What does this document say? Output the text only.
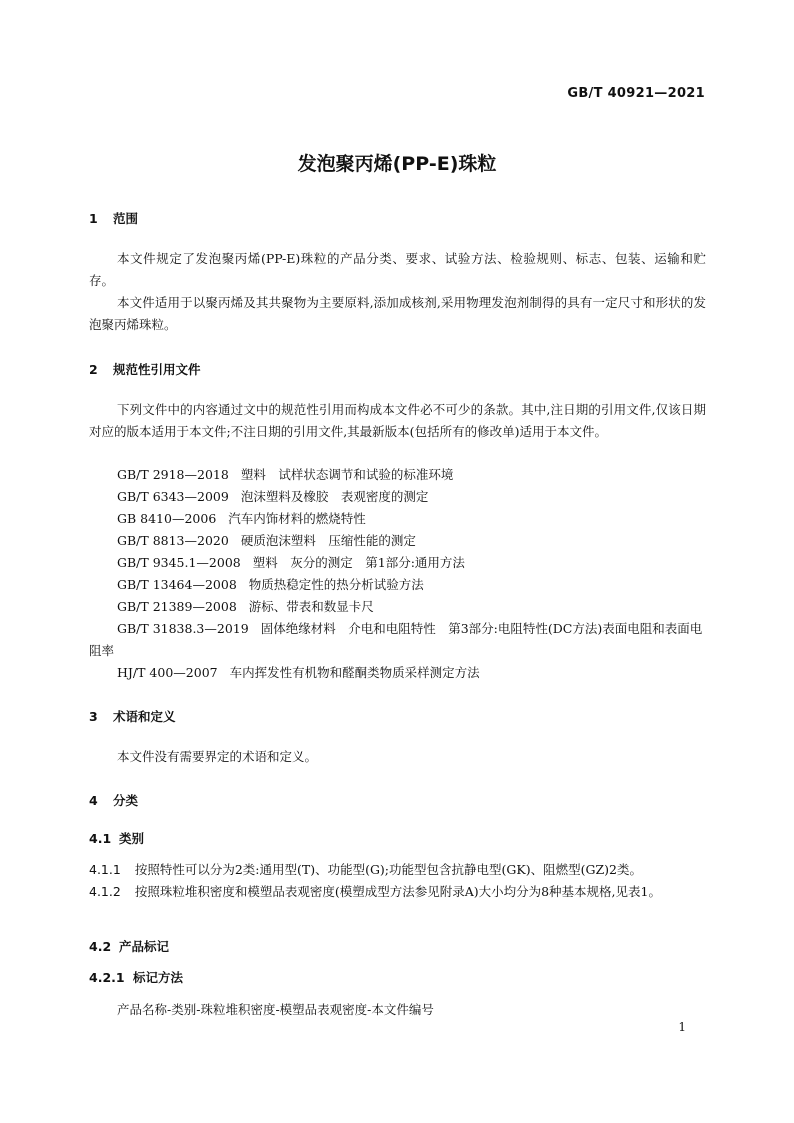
GB/T 40921—2021
发泡聚丙烯(PP-E)珠粒
1 范围
本文件规定了发泡聚丙烯(PP-E)珠粒的产品分类、要求、试验方法、检验规则、标志、包装、运输和贮存。
本文件适用于以聚丙烯及其共聚物为主要原料,添加成核剂,采用物理发泡剂制得的具有一定尺寸和形状的发泡聚丙烯珠粒。
2 规范性引用文件
下列文件中的内容通过文中的规范性引用而构成本文件必不可少的条款。其中,注日期的引用文件,仅该日期对应的版本适用于本文件;不注日期的引用文件,其最新版本(包括所有的修改单)适用于本文件。
GB/T 2918—2018 塑料　试样状态调节和试验的标准环境
GB/T 6343—2009 泡沫塑料及橡胶　表观密度的测定
GB 8410—2006 汽车内饰材料的燃烧特性
GB/T 8813—2020 硬质泡沫塑料　压缩性能的测定
GB/T 9345.1—2008 塑料　灰分的测定　第1部分:通用方法
GB/T 13464—2008 物质热稳定性的热分析试验方法
GB/T 21389—2008 游标、带表和数显卡尺
GB/T 31838.3—2019 固体绝缘材料　介电和电阻特性　第3部分:电阻特性(DC方法)表面电阻和表面电阻率
HJ/T 400—2007 车内挥发性有机物和醛酮类物质采样测定方法
3 术语和定义
本文件没有需要界定的术语和定义。
4 分类
4.1 类别
4.1.1 按照特性可以分为2类:通用型(T)、功能型(G);功能型包含抗静电型(GK)、阻燃型(GZ)2类。
4.1.2 按照珠粒堆积密度和模塑品表观密度(模塑成型方法参见附录A)大小均分为8种基本规格,见表1。
4.2 产品标记
4.2.1 标记方法
产品名称-类别-珠粒堆积密度-模塑品表观密度-本文件编号
1
